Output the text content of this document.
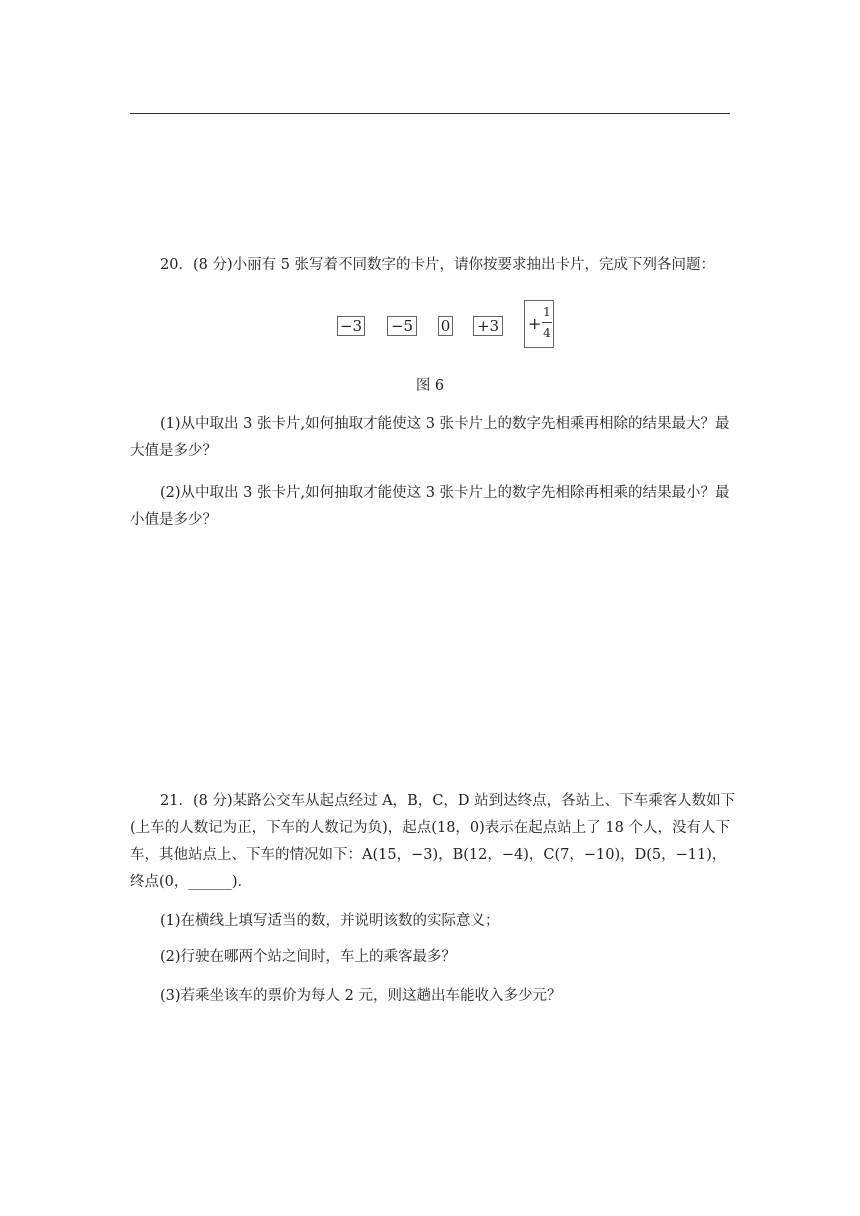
20．(8 分)小丽有 5 张写着不同数字的卡片，请你按要求抽出卡片，完成下列各问题：

−3 −5 0 +3 +
1
4
图 6

(1)从中取出 3 张卡片,如何抽取才能使这 3 张卡片上的数字先相乘再相除的结果最大？最大值是多少？

(2)从中取出 3 张卡片,如何抽取才能使这 3 张卡片上的数字先相除再相乘的结果最小？最小值是多少？

21．(8 分)某路公交车从起点经过 A，B，C，D 站到达终点，各站上、下车乘客人数如下(上车的人数记为正，下车的人数记为负)，起点(18，0)表示在起点站上了 18 个人，没有人下车，其他站点上、下车的情况如下：A(15，−3)，B(12，−4)，C(7，−10)，D(5，−11)，终点(0，______)．

(1)在横线上填写适当的数，并说明该数的实际意义；

(2)行驶在哪两个站之间时，车上的乘客最多？

(3)若乘坐该车的票价为每人 2 元，则这趟出车能收入多少元？
